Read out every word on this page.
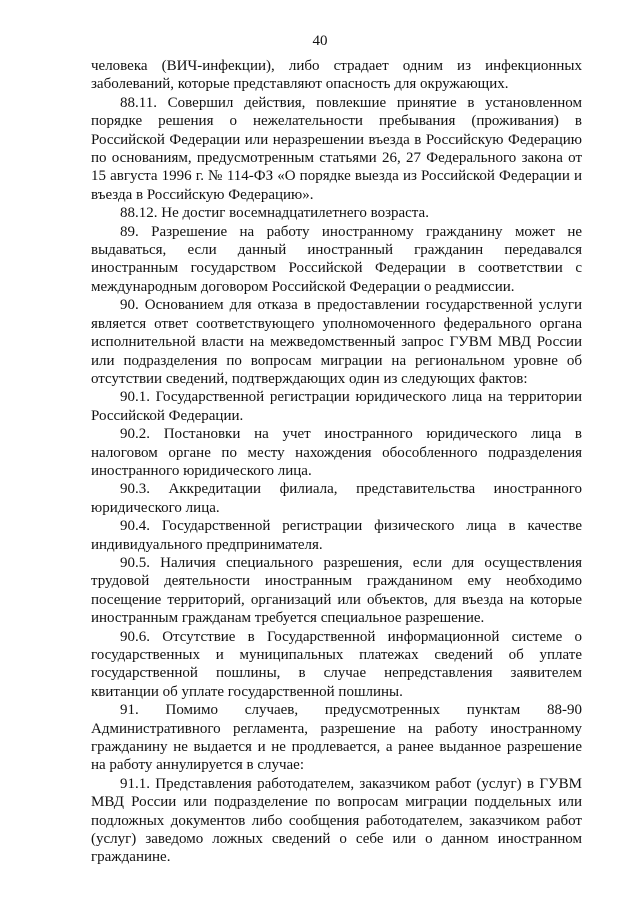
40

человека (ВИЧ-инфекции), либо страдает одним из инфекционных заболеваний, которые представляют опасность для окружающих.

88.11. Совершил действия, повлекшие принятие в установленном порядке решения о нежелательности пребывания (проживания) в Российской Федерации или неразрешении въезда в Российскую Федерацию по основаниям, предусмотренным статьями 26, 27 Федерального закона от 15 августа 1996 г. № 114-ФЗ «О порядке выезда из Российской Федерации и въезда в Российскую Федерацию».

88.12. Не достиг восемнадцатилетнего возраста.

89. Разрешение на работу иностранному гражданину может не выдаваться, если данный иностранный гражданин передавался иностранным государством Российской Федерации в соответствии с международным договором Российской Федерации о реадмиссии.

90. Основанием для отказа в предоставлении государственной услуги является ответ соответствующего уполномоченного федерального органа исполнительной власти на межведомственный запрос ГУВМ МВД России или подразделения по вопросам миграции на региональном уровне об отсутствии сведений, подтверждающих один из следующих фактов:

90.1. Государственной регистрации юридического лица на территории Российской Федерации.

90.2. Постановки на учет иностранного юридического лица в налоговом органе по месту нахождения обособленного подразделения иностранного юридического лица.

90.3. Аккредитации филиала, представительства иностранного юридического лица.

90.4. Государственной регистрации физического лица в качестве индивидуального предпринимателя.

90.5. Наличия специального разрешения, если для осуществления трудовой деятельности иностранным гражданином ему необходимо посещение территорий, организаций или объектов, для въезда на которые иностранным гражданам требуется специальное разрешение.

90.6. Отсутствие в Государственной информационной системе о государственных и муниципальных платежах сведений об уплате государственной пошлины, в случае непредставления заявителем квитанции об уплате государственной пошлины.

91. Помимо случаев, предусмотренных пунктам 88-90 Административного регламента, разрешение на работу иностранному гражданину не выдается и не продлевается, а ранее выданное разрешение на работу аннулируется в случае:

91.1. Представления работодателем, заказчиком работ (услуг) в ГУВМ МВД России или подразделение по вопросам миграции поддельных или подложных документов либо сообщения работодателем, заказчиком работ (услуг) заведомо ложных сведений о себе или о данном иностранном гражданине.
